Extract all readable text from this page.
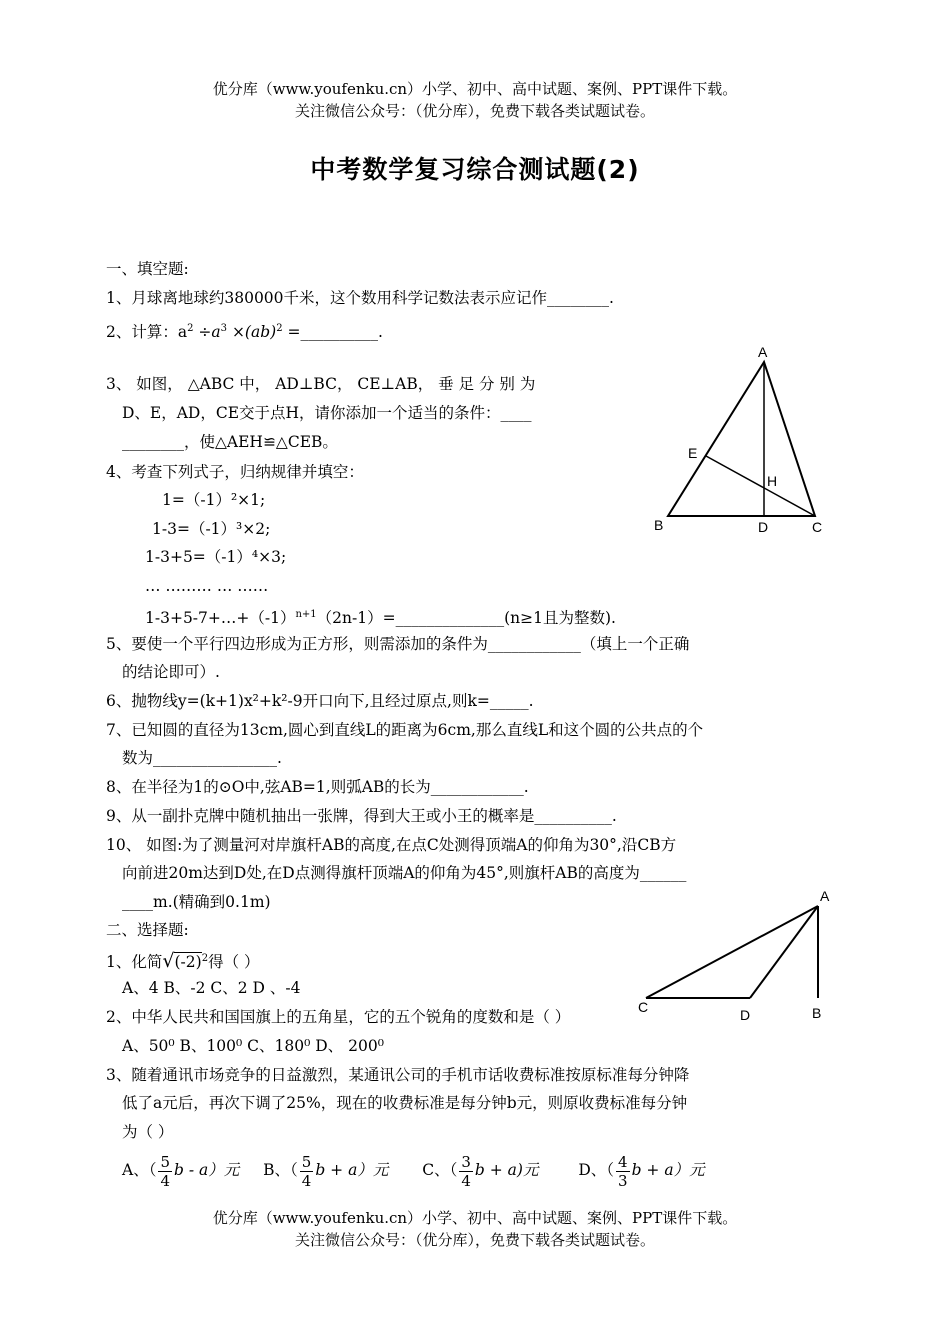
优分库（www.youfenku.cn）小学、初中、高中试题、案例、PPT课件下载。
关注微信公众号：（优分库），免费下载各类试题试卷。
中考数学复习综合测试题(2)
一、填空题:
1、月球离地球约380000千米，这个数用科学记数法表示应记作________.
2、计算：$a^2 \div a^3 \times(ab)^2$ =__________.
3、 如图， △ABC 中， AD⊥BC， CE⊥AB， 垂 足 分 别 为
D、E，AD，CE交于点H，请你添加一个适当的条件：____
________，使△AEH≌△CEB。
4、考查下列式子，归纳规律并填空：
1=（-1）²×1;
1-3=（-1）³×2;
1-3+5=（-1）⁴×3;
… ……… … ……
$1-3+5-7+\dots+(-1)^{n+1}(2n-1)=\_\_\_\_\_\_\_\_\_\_\_\_\_\_(n\ge 1$且为整数).
5、要使一个平行四边形成为正方形，则需添加的条件为____________（填上一个正确
的结论即可）.
6、抛物线y=(k+1)x²+k²-9开口向下,且经过原点,则k=_____.
7、已知圆的直径为13cm,圆心到直线L的距离为6cm,那么直线L和这个圆的公共点的个
数为________________.
8、在半径为1的⊙O中,弦AB=1,则弧AB的长为____________.
9、从一副扑克牌中随机抽出一张牌，得到大王或小王的概率是__________.
10、 如图:为了测量河对岸旗杆AB的高度,在点C处测得顶端A的仰角为30°,沿CB方
向前进20m达到D处,在D点测得旗杆顶端A的仰角为45°,则旗杆AB的高度为______
____m.(精确到0.1m)
二、选择题:
1、化简$√(-2)^2$得（ ）
A、4 B、-2 C、2 D 、-4
2、中华人民共和国国旗上的五角星，它的五个锐角的度数和是（ ）
A、50⁰ B、100⁰ C、180⁰ D、 200⁰
3、随着通讯市场竞争的日益激烈，某通讯公司的手机市话收费标准按原标准每分钟降
低了a元后，再次下调了25%，现在的收费标准是每分钟b元，则原收费标准每分钟
为（ ）
A、（ $\frac{5}{4}$ b - a）元 B、（ $\frac{5}{4}$ b + a）元 C、（ $\frac{3}{4}$ b + a)元	D、（ $\frac{4}{3}$ b + a）元
A
B	C
D
E
H
A
B
C	D
优分库（www.youfenku.cn）小学、初中、高中试题、案例、PPT课件下载。
关注微信公众号：（优分库），免费下载各类试题试卷。
